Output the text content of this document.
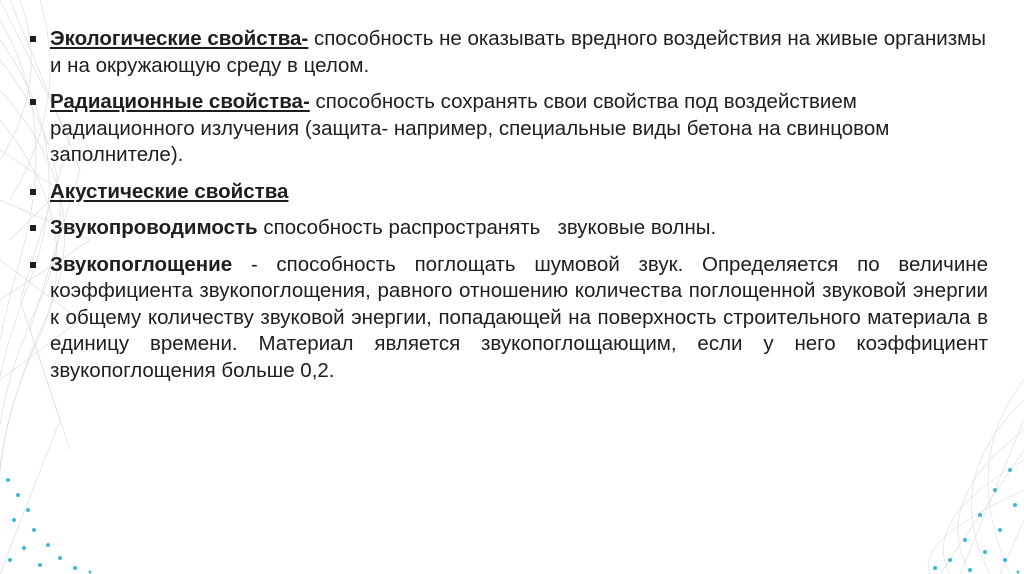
Экологические свойства- способность не оказывать вредного воздействия на живые организмы и на окружающую среду в целом.
Радиационные свойства- способность сохранять свои свойства под воздействием радиационного излучения (защита- например, специальные виды бетона на свинцовом заполнителе).
Акустические свойства
Звукопроводимость способность распространять   звуковые волны.
Звукопоглощение - способность поглощать шумовой звук. Определяется по величине коэффициента звукопоглощения, равного отношению количества поглощенной звуковой энергии к общему количеству звуковой энергии, попадающей на поверхность строительного материала в единицу времени. Материал является звукопоглощающим, если у него коэффициент звукопоглощения больше 0,2.
